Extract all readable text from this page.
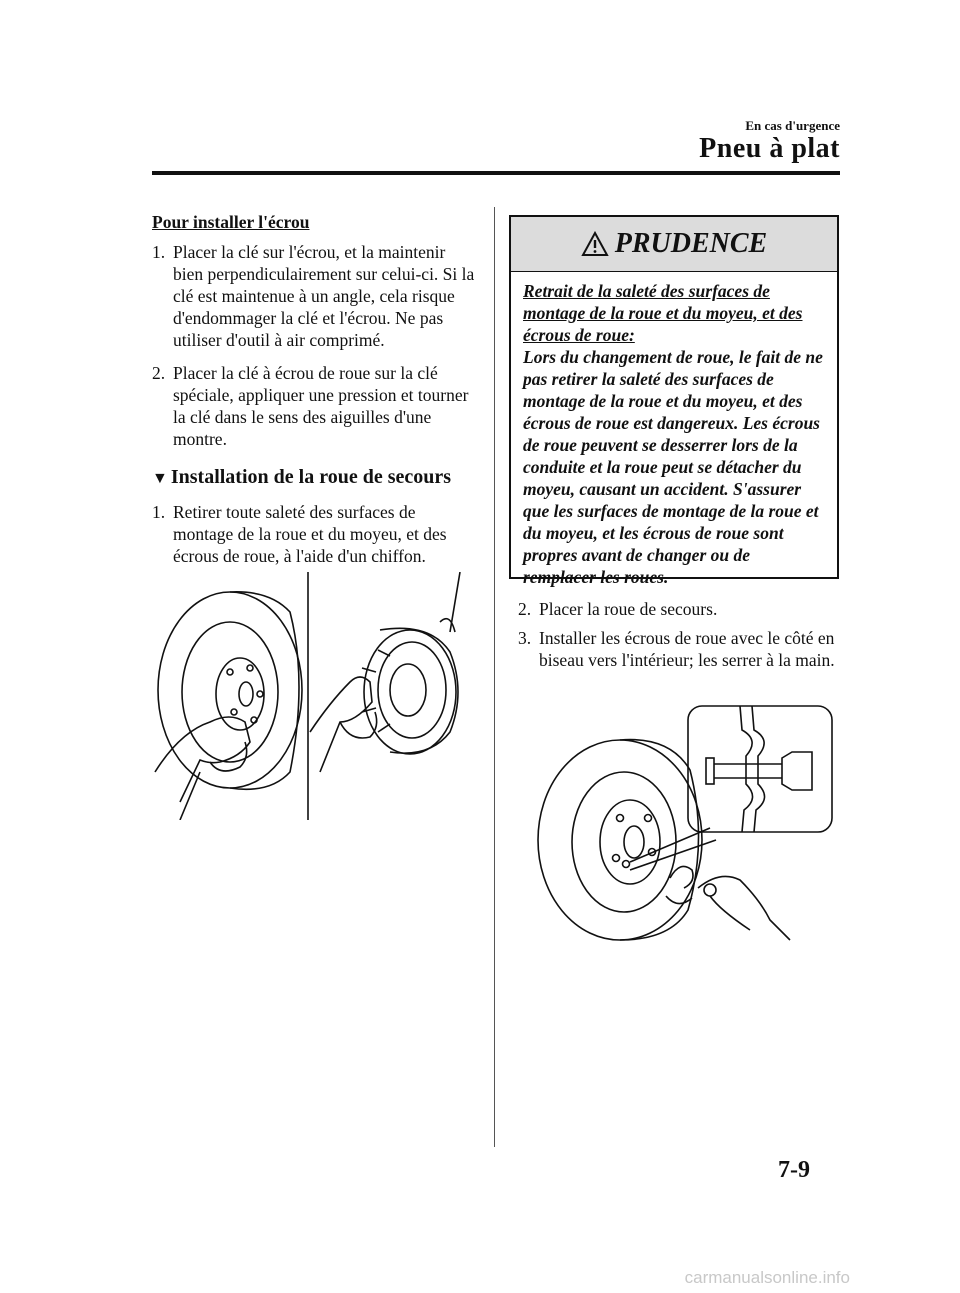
En cas d'urgence
Pneu à plat
Pour installer l'écrou
1. Placer la clé sur l'écrou, et la maintenir bien perpendiculairement sur celui-ci. Si la clé est maintenue à un angle, cela risque d'endommager la clé et l'écrou. Ne pas utiliser d'outil à air comprimé.
2. Placer la clé à écrou de roue sur la clé spéciale, appliquer une pression et tourner la clé dans le sens des aiguilles d'une montre.
▼ Installation de la roue de secours
1. Retirer toute saleté des surfaces de montage de la roue et du moyeu, et des écrous de roue, à l'aide d'un chiffon.
PRUDENCE
Retrait de la saleté des surfaces de montage de la roue et du moyeu, et des écrous de roue:
Lors du changement de roue, le fait de ne pas retirer la saleté des surfaces de montage de la roue et du moyeu, et des écrous de roue est dangereux. Les écrous de roue peuvent se desserrer lors de la conduite et la roue peut se détacher du moyeu, causant un accident. S'assurer que les surfaces de montage de la roue et du moyeu, et les écrous de roue sont propres avant de changer ou de remplacer les roues.
2. Placer la roue de secours.
3. Installer les écrous de roue avec le côté en biseau vers l'intérieur; les serrer à la main.
7-9
carmanualsonline.info
